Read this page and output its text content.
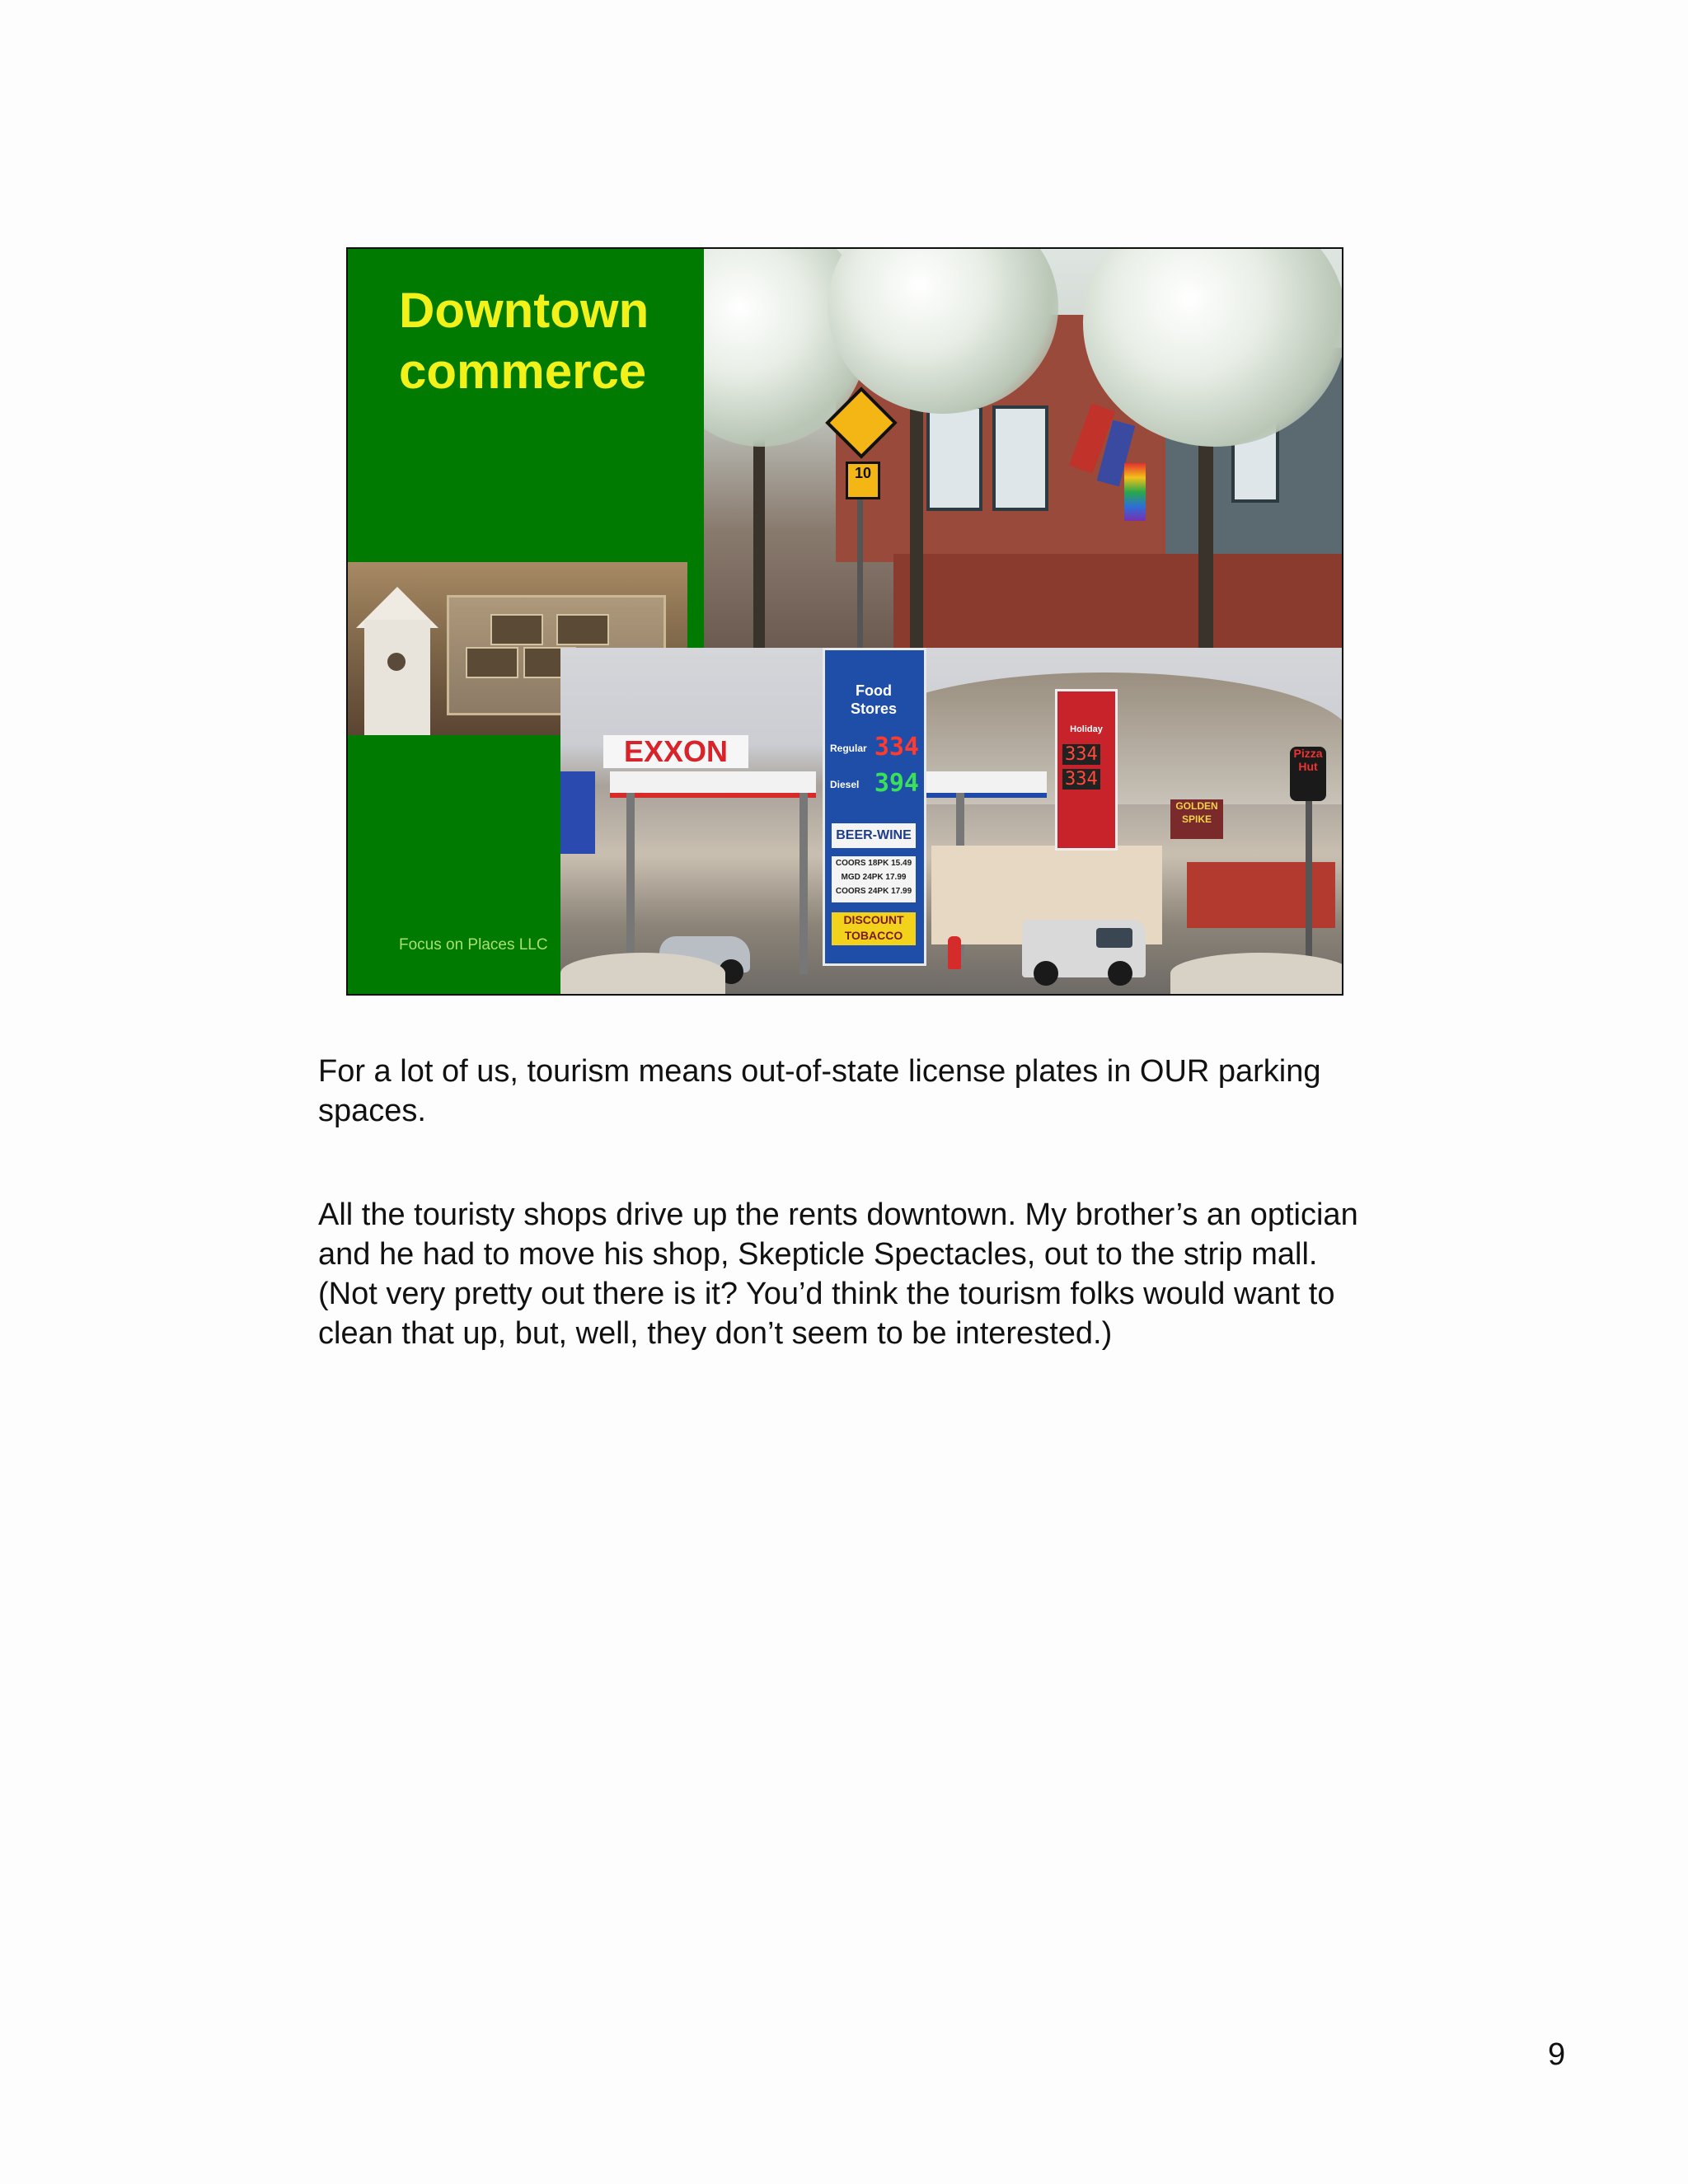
Downtown
commerce
10
EXXON
Food Stores
Regular 334
Diesel 394
BEER-WINE
COORS 18PK 15.49
MGD 24PK 17.99
COORS 24PK 17.99
DISCOUNT
TOBACCO
Holiday
334
334
GOLDEN SPIKE
Pizza Hut
Focus on Places LLC

For a lot of us, tourism means out-of-state license plates in OUR parking spaces.

All the touristy shops drive up the rents downtown. My brother’s an optician and he had to move his shop, Skepticle Spectacles, out to the strip mall. (Not very pretty out there is it? You’d think the tourism folks would want to clean that up, but, well, they don’t seem to be interested.)

9
